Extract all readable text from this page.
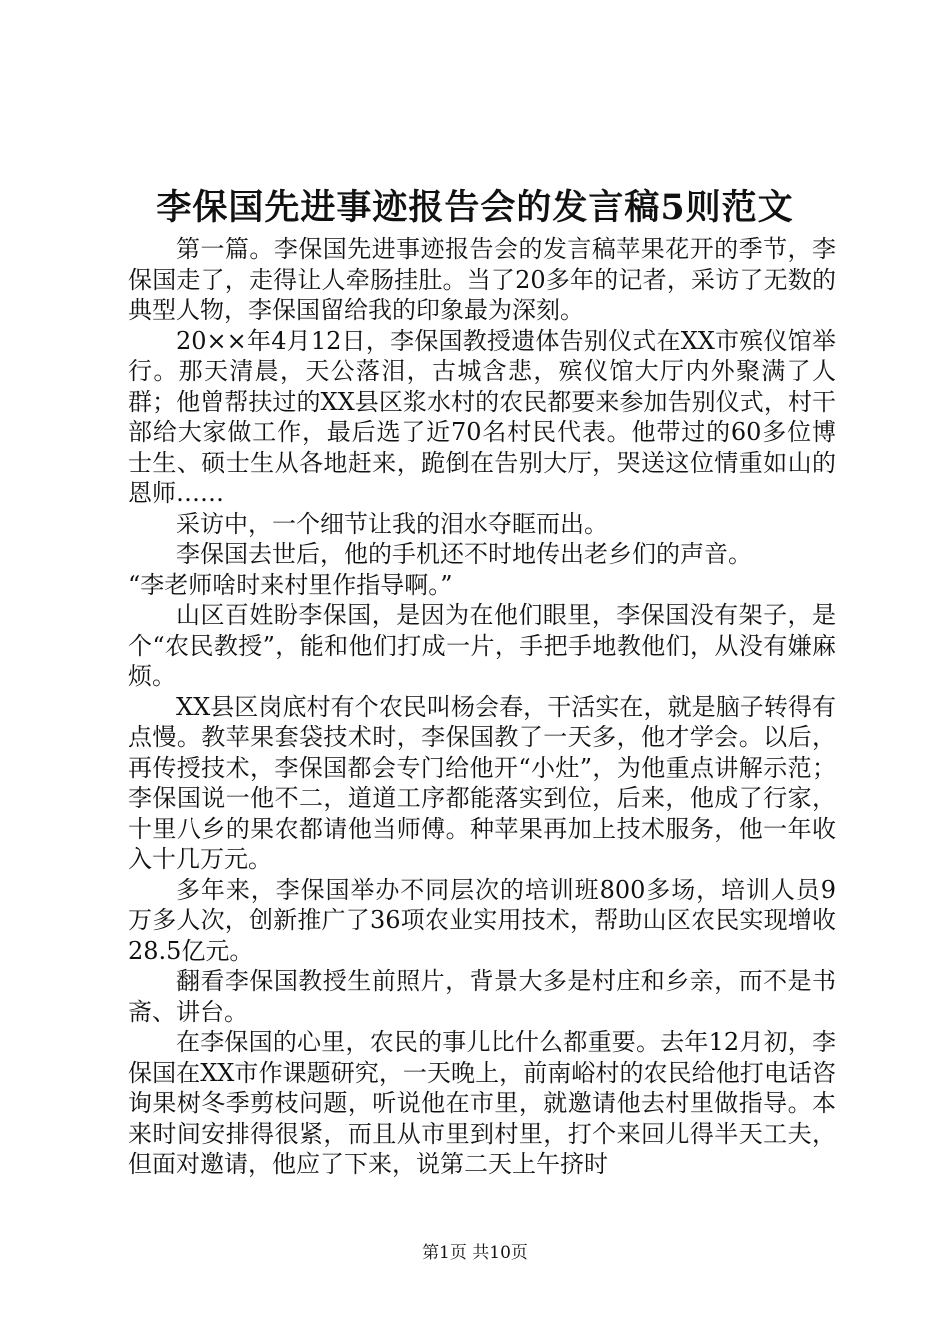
李保国先进事迹报告会的发言稿5则范文

第一篇。李保国先进事迹报告会的发言稿苹果花开的季节，李保国走了，走得让人牵肠挂肚。当了20多年的记者，采访了无数的典型人物，李保国留给我的印象最为深刻。

20××年4月12日，李保国教授遗体告别仪式在XX市殡仪馆举行。那天清晨，天公落泪，古城含悲，殡仪馆大厅内外聚满了人群；他曾帮扶过的XX县区浆水村的农民都要来参加告别仪式，村干部给大家做工作，最后选了近70名村民代表。他带过的60多位博士生、硕士生从各地赶来，跪倒在告别大厅，哭送这位情重如山的恩师……

采访中，一个细节让我的泪水夺眶而出。

李保国去世后，他的手机还不时地传出老乡们的声音。

“李老师啥时来村里作指导啊。”

山区百姓盼李保国，是因为在他们眼里，李保国没有架子，是个“农民教授”，能和他们打成一片，手把手地教他们，从没有嫌麻烦。

XX县区岗底村有个农民叫杨会春，干活实在，就是脑子转得有点慢。教苹果套袋技术时，李保国教了一天多，他才学会。以后，再传授技术，李保国都会专门给他开“小灶”，为他重点讲解示范；李保国说一他不二，道道工序都能落实到位，后来，他成了行家，十里八乡的果农都请他当师傅。种苹果再加上技术服务，他一年收入十几万元。

多年来，李保国举办不同层次的培训班800多场，培训人员9万多人次，创新推广了36项农业实用技术，帮助山区农民实现增收28.5亿元。

翻看李保国教授生前照片，背景大多是村庄和乡亲，而不是书斋、讲台。

在李保国的心里，农民的事儿比什么都重要。去年12月初，李保国在XX市作课题研究，一天晚上，前南峪村的农民给他打电话咨询果树冬季剪枝问题，听说他在市里，就邀请他去村里做指导。本来时间安排得很紧，而且从市里到村里，打个来回儿得半天工夫，但面对邀请，他应了下来，说第二天上午挤时

第1页 共10页
